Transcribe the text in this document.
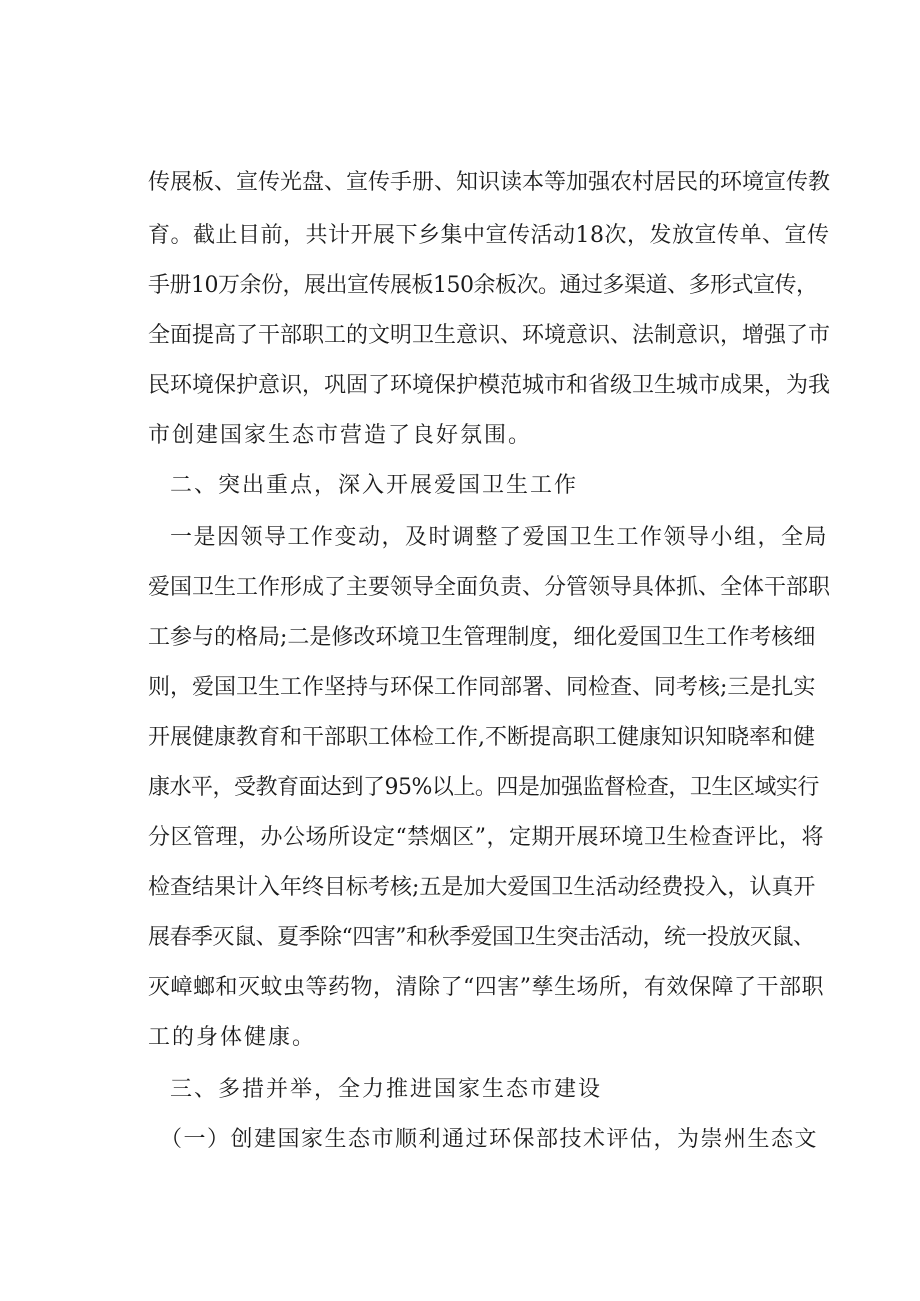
传展板、宣传光盘、宣传手册、知识读本等加强农村居民的环境宣传教
育。截止目前，共计开展下乡集中宣传活动18次，发放宣传单、宣传
手册10万余份，展出宣传展板150余板次。通过多渠道、多形式宣传，
全面提高了干部职工的文明卫生意识、环境意识、法制意识，增强了市
民环境保护意识，巩固了环境保护模范城市和省级卫生城市成果，为我
市创建国家生态市营造了良好氛围。
二、突出重点，深入开展爱国卫生工作
一是因领导工作变动，及时调整了爱国卫生工作领导小组，全局
爱国卫生工作形成了主要领导全面负责、分管领导具体抓、全体干部职
工参与的格局;二是修改环境卫生管理制度，细化爱国卫生工作考核细
则，爱国卫生工作坚持与环保工作同部署、同检查、同考核;三是扎实
开展健康教育和干部职工体检工作,不断提高职工健康知识知晓率和健
康水平，受教育面达到了95%以上。四是加强监督检查，卫生区域实行
分区管理，办公场所设定“禁烟区”，定期开展环境卫生检查评比，将
检查结果计入年终目标考核;五是加大爱国卫生活动经费投入，认真开
展春季灭鼠、夏季除“四害”和秋季爱国卫生突击活动，统一投放灭鼠、
灭嶂螂和灭蚊虫等药物，清除了“四害”孳生场所，有效保障了干部职
工的身体健康。
三、多措并举，全力推进国家生态市建设
（一）创建国家生态市顺利通过环保部技术评估，为崇州生态文
